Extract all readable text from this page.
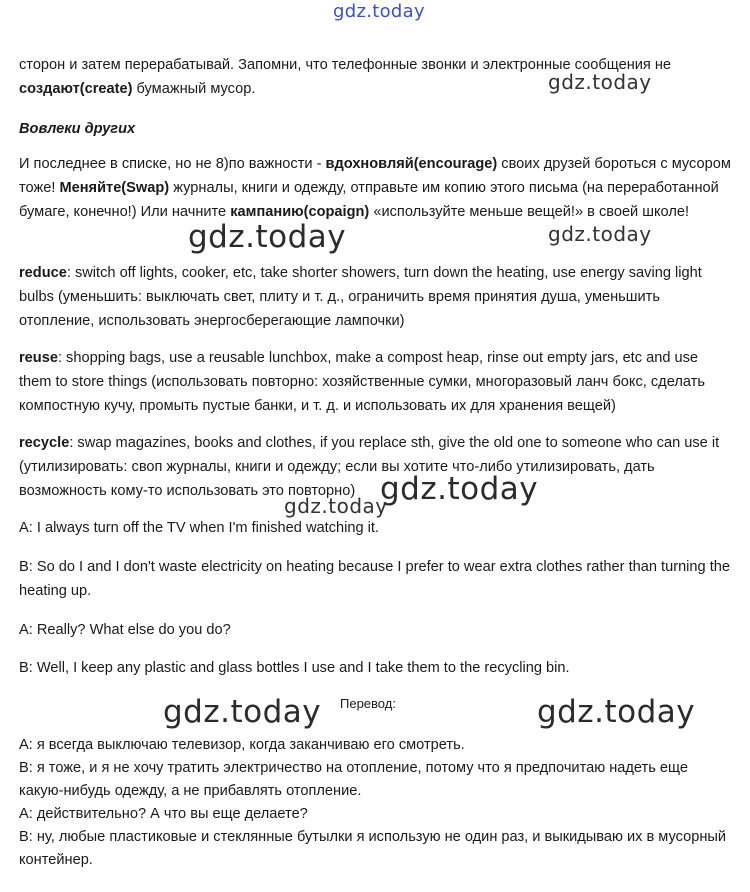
gdz.today
gdz.today
gdz.today	gdz.today
gdz.today
gdz.today
gdz.today	gdz.today

сторон и затем перерабатывай. Запомни, что телефонные звонки и электронные сообщения не
создают(create) бумажный мусор.

Вовлеки других

И последнее в списке, но не 8)по важности - вдохновляй(encourage) своих друзей бороться с мусором тоже! Меняйте(Swap) журналы, книги и одежду, отправьте им копию этого письма (на переработанной бумаге, конечно!) Или начните кампанию(copaign) «используйте меньше вещей!» в своей школе!

reduce: switch off lights, cooker, etc, take shorter showers, turn down the heating, use energy saving light bulbs (уменьшить: выключать свет, плиту и т. д., ограничить время принятия душа, уменьшить отопление, использовать энергосберегающие лампочки)

reuse: shopping bags, use a reusable lunchbox, make a compost heap, rinse out empty jars, etc and use them to store things (использовать повторно: хозяйственные сумки, многоразовый ланч бокс, сделать компостную кучу, промыть пустые банки, и т. д. и использовать их для хранения вещей)

recycle: swap magazines, books and clothes, if you replace sth, give the old one to someone who can use it (утилизировать: своп журналы, книги и одежду; если вы хотите что-либо утилизировать, дать возможность кому-то использовать это повторно)

A: I always turn off the TV when I'm finished watching it.

B: So do I and I don't waste electricity on heating because I prefer to wear extra clothes rather than turning the heating up.

A: Really? What else do you do?

B: Well, I keep any plastic and glass bottles I use and I take them to the recycling bin.

Перевод:
А: я всегда выключаю телевизор, когда заканчиваю его смотреть.
В: я тоже, и я не хочу тратить электричество на отопление, потому что я предпочитаю надеть еще какую-нибудь одежду, а не прибавлять отопление.
А: действительно? А что вы еще делаете?
В: ну, любые пластиковые и стеклянные бутылки я использую не один раз, и выкидываю их в мусорный контейнер.
